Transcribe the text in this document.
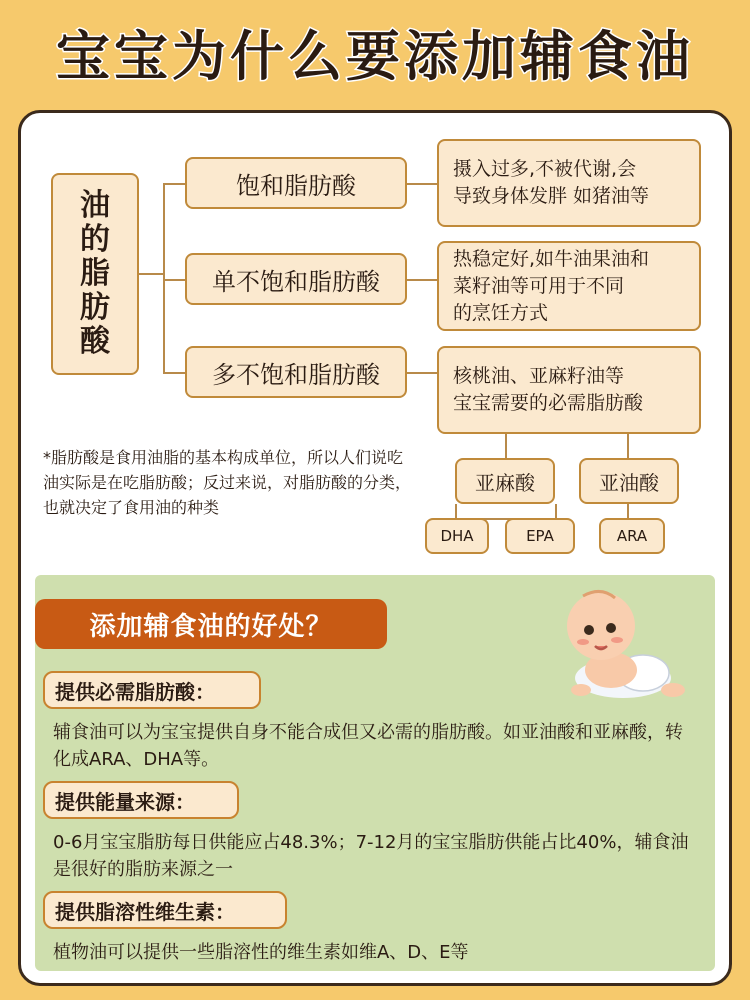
宝宝为什么要添加辅食油
油
的
脂
肪
酸
饱和脂肪酸
单不饱和脂肪酸
多不饱和脂肪酸
摄入过多,不被代谢,会
导致身体发胖 如猪油等
热稳定好,如牛油果油和
菜籽油等可用于不同
的烹饪方式
核桃油、亚麻籽油等
宝宝需要的必需脂肪酸
亚麻酸	亚油酸
DHA	EPA	ARA
*脂肪酸是食用油脂的基本构成单位，所以人们说吃油实际是在吃脂肪酸；反过来说，对脂肪酸的分类，也就决定了食用油的种类
添加辅食油的好处？
提供必需脂肪酸：
辅食油可以为宝宝提供自身不能合成但又必需的脂肪酸。如亚油酸和亚麻酸，转化成ARA、DHA等。
提供能量来源：
0-6月宝宝脂肪每日供能应占48.3%；7-12月的宝宝脂肪供能占比40%，辅食油是很好的脂肪来源之一
提供脂溶性维生素：
植物油可以提供一些脂溶性的维生素如维A、D、E等
